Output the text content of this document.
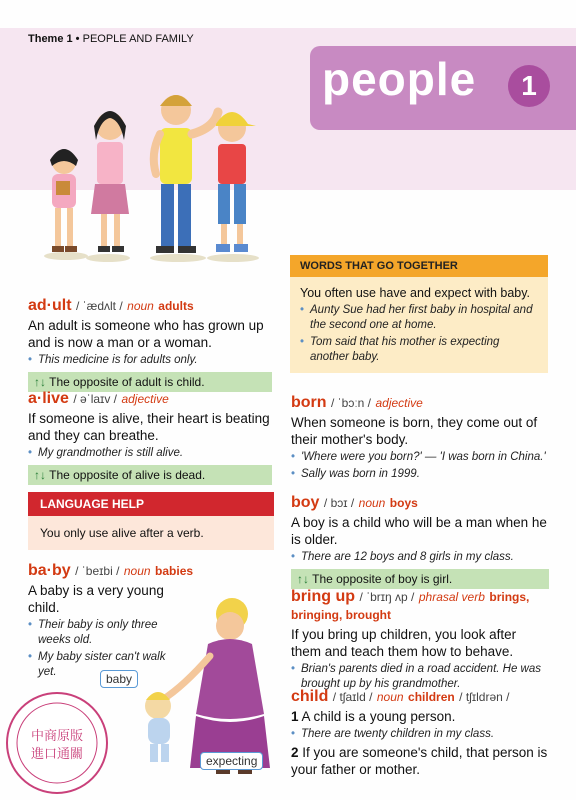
Theme 1 • PEOPLE AND FAMILY
people	1
ad·ult / ˈædʌlt / noun adults
An adult is someone who has grown up and is now a man or a woman.
• This medicine is for adults only.
↑↓ The opposite of adult is child.
a·live / əˈlaɪv / adjective
If someone is alive, their heart is beating and they can breathe.
• My grandmother is still alive.
↑↓ The opposite of alive is dead.
LANGUAGE HELP
You only use alive after a verb.
ba·by / ˈbeɪbi / noun babies
A baby is a very young child.
• Their baby is only three weeks old.
• My baby sister can't walk yet.	baby
expecting
中商原版
進口通關
WORDS THAT GO TOGETHER
You often use have and expect with baby.
• Aunty Sue had her first baby in hospital and the second one at home.
• Tom said that his mother is expecting another baby.
born / ˈbɔːn / adjective
When someone is born, they come out of their mother's body.
• 'Where were you born?' — 'I was born in China.'
• Sally was born in 1999.
boy / bɔɪ / noun boys
A boy is a child who will be a man when he is older.
• There are 12 boys and 8 girls in my class.
↑↓ The opposite of boy is girl.
bring up / ˈbrɪŋ ʌp / phrasal verb brings, bringing, brought
If you bring up children, you look after them and teach them how to behave.
• Brian's parents died in a road accident. He was brought up by his grandmother.
child / tʃaɪld / noun children / tʃɪldrən /
1 A child is a young person.
• There are twenty children in my class.
2 If you are someone's child, that person is your father or mother.
